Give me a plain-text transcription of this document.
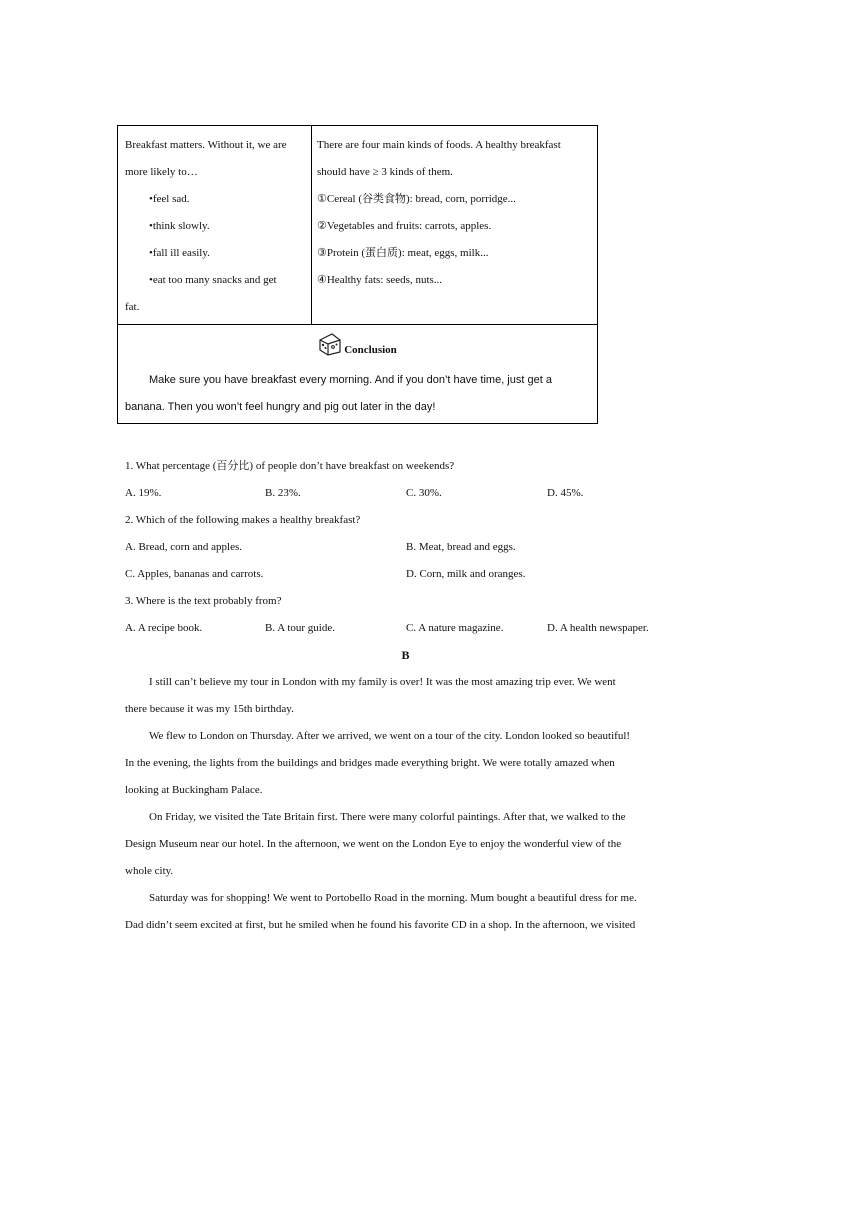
Breakfast matters. Without it, we are
more likely to…
•feel sad.
•think slowly.
•fall ill easily.
•eat too many snacks and get
fat.
There are four main kinds of foods. A healthy breakfast
should have ≥ 3 kinds of them.
①Cereal (谷类食物): bread, corn, porridge...
②Vegetables and fruits: carrots, apples.
③Protein (蛋白质): meat, eggs, milk...
④Healthy fats: seeds, nuts...
Conclusion
Make sure you have breakfast every morning. And if you don’t have time, just get a
banana. Then you won’t feel hungry and pig out later in the day!
1. What percentage (百分比) of people don’t have breakfast on weekends?
A. 19%.	B. 23%.	C. 30%.	D. 45%.
2. Which of the following makes a healthy breakfast?
A. Bread, corn and apples.	B. Meat, bread and eggs.
C. Apples, bananas and carrots.	D. Corn, milk and oranges.
3. Where is the text probably from?
A. A recipe book.	B. A tour guide.	C. A nature magazine.	D. A health newspaper.
B

I still can’t believe my tour in London with my family is over! It was the most amazing trip ever. We went

there because it was my 15th birthday.

We flew to London on Thursday. After we arrived, we went on a tour of the city. London looked so beautiful!

In the evening, the lights from the buildings and bridges made everything bright. We were totally amazed when

looking at Buckingham Palace.

On Friday, we visited the Tate Britain first. There were many colorful paintings. After that, we walked to the

Design Museum near our hotel. In the afternoon, we went on the London Eye to enjoy the wonderful view of the

whole city.

Saturday was for shopping! We went to Portobello Road in the morning. Mum bought a beautiful dress for me.

Dad didn’t seem excited at first, but he smiled when he found his favorite CD in a shop. In the afternoon, we visited
